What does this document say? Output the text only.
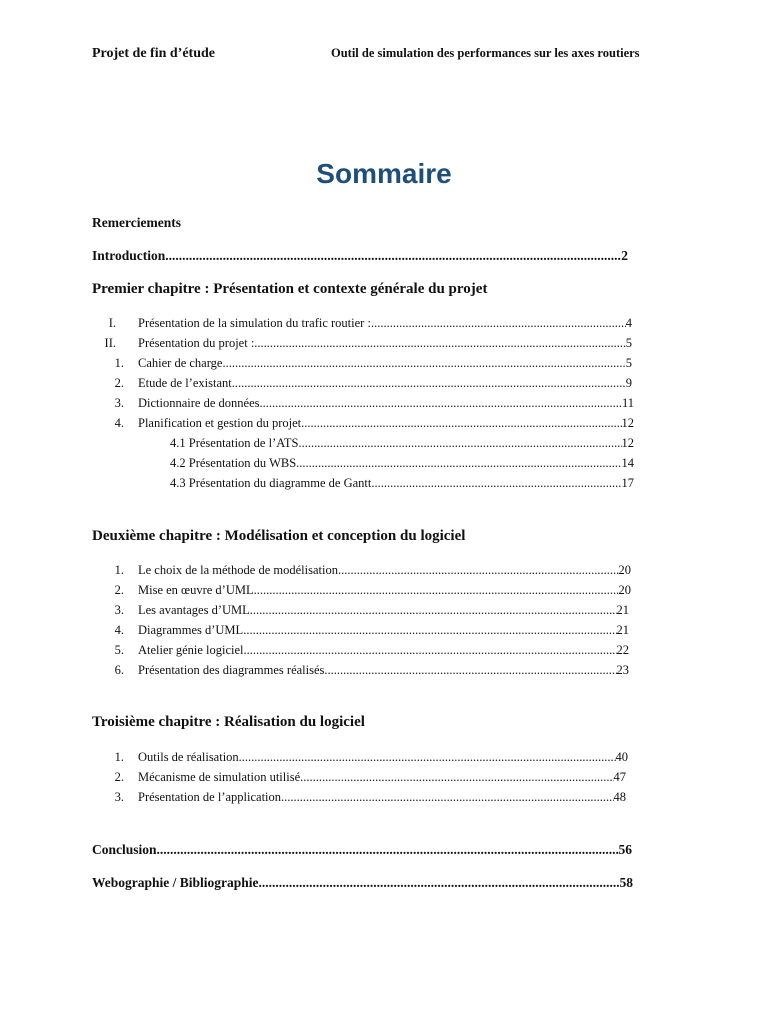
Projet de fin d’étude	Outil de simulation des performances sur les axes routiers
Sommaire
Remerciements
Introduction .....	2
Premier chapitre : Présentation et contexte générale du projet
I. Présentation de la simulation du trafic routier : .....	4
II. Présentation du projet : .....	5
1. Cahier de charge .....	5
2. Etude de l’existant .....	9
3. Dictionnaire de données .....	11
4. Planification et gestion du projet .....	12
4.1 Présentation de l’ATS .....	12
4.2 Présentation du WBS .....	14
4.3 Présentation du diagramme de Gantt .....	17
Deuxième chapitre : Modélisation et conception du logiciel
1. Le choix de la méthode de modélisation .....	20
2. Mise en œuvre d’UML .....	20
3. Les avantages d’UML .....	21
4. Diagrammes d’UML .....	21
5. Atelier génie logiciel .....	22
6. Présentation des diagrammes réalisés .....	23
Troisième chapitre : Réalisation du logiciel
1. Outils de réalisation .....	40
2. Mécanisme de simulation utilisé .....	47
3. Présentation de l’application .....	48
Conclusion .....	56
Webographie / Bibliographie .....	58
